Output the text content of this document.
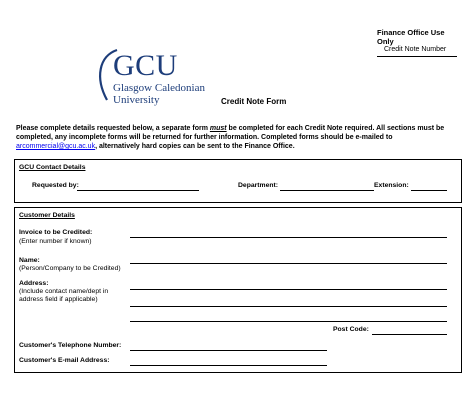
GCU
Glasgow Caledonian
University
Finance Office Use
Only
Credit Note Number
Credit Note Form
Please complete details requested below, a separate form must be completed for each Credit Note required. All sections must be
completed, any incomplete forms will be returned for further information. Completed forms should be e-mailed to
arcommercial@gcu.ac.uk, alternatively hard copies can be sent to the Finance Office.
GCU Contact Details
Requested by:	Department:	Extension:
Customer Details
Invoice to be Credited:
(Enter number if known)
Name:
(Person/Company to be Credited)
Address:
(Include contact name/dept in
address field if applicable)
Post Code:
Customer's Telephone Number:
Customer's E-mail Address:
